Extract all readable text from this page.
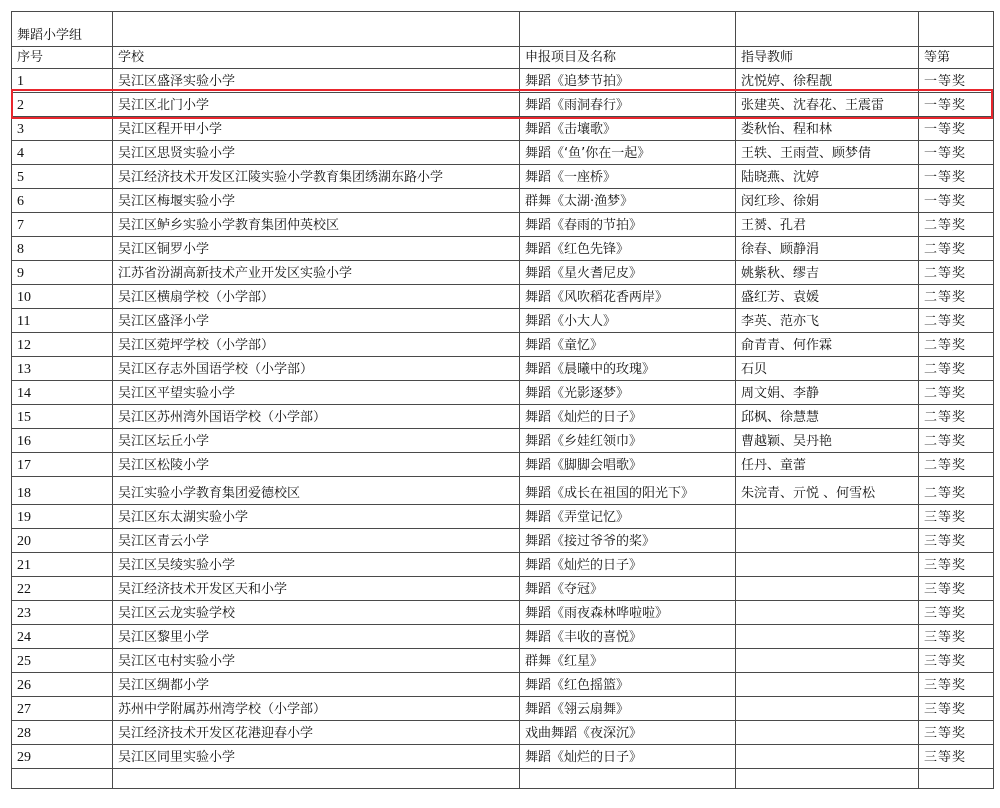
舞蹈小学组				
序号	学校	申报项目及名称	指导教师	等第
1	吴江区盛泽实验小学	舞蹈《追梦节拍》	沈悦婷、徐程靓	一等奖
2	吴江区北门小学	舞蹈《雨洞春行》	张建英、沈春花、王震雷	一等奖
3	吴江区程开甲小学	舞蹈《击壤歌》	娄秋怡、程和林	一等奖
4	吴江区思贤实验小学	舞蹈《‘鱼’你在一起》	王轶、王雨萱、顾梦倩	一等奖
5	吴江经济技术开发区江陵实验小学教育集团绣湖东路小学	舞蹈《一座桥》	陆晓燕、沈婷	一等奖
6	吴江区梅堰实验小学	群舞《太湖·渔梦》	闵红珍、徐娟	一等奖
7	吴江区鲈乡实验小学教育集团仲英校区	舞蹈《春雨的节拍》	王赟、孔君	二等奖
8	吴江区铜罗小学	舞蹈《红色先锋》	徐春、顾静涓	二等奖
9	江苏省汾湖高新技术产业开发区实验小学	舞蹈《星火耆尼皮》	姚紫秋、缪吉	二等奖
10	吴江区横扇学校（小学部）	舞蹈《风吹稻花香两岸》	盛红芳、袁媛	二等奖
11	吴江区盛泽小学	舞蹈《小大人》	李英、范亦飞	二等奖
12	吴江区菀坪学校（小学部）	舞蹈《童忆》	俞青青、何作霖	二等奖
13	吴江区存志外国语学校（小学部）	舞蹈《晨曦中的玫瑰》	石贝	二等奖
14	吴江区平望实验小学	舞蹈《光影逐梦》	周文娟、李静	二等奖
15	吴江区苏州湾外国语学校（小学部）	舞蹈《灿烂的日子》	邱枫、徐慧慧	二等奖
16	吴江区坛丘小学	舞蹈《乡娃红领巾》	曹越颖、吴丹艳	二等奖
17	吴江区松陵小学	舞蹈《脚脚会唱歌》	任丹、童蕾	二等奖
18	吴江实验小学教育集团爱德校区	舞蹈《成长在祖国的阳光下》	朱浣青、亓悦 、何雪松	二等奖
19	吴江区东太湖实验小学	舞蹈《弄堂记忆》		三等奖
20	吴江区青云小学	舞蹈《接过爷爷的桨》		三等奖
21	吴江区吴绫实验小学	舞蹈《灿烂的日子》		三等奖
22	吴江经济技术开发区天和小学	舞蹈《夺冠》		三等奖
23	吴江区云龙实验学校	舞蹈《雨夜森林哗啦啦》		三等奖
24	吴江区黎里小学	舞蹈《丰收的喜悦》		三等奖
25	吴江区屯村实验小学	群舞《红星》		三等奖
26	吴江区绸都小学	舞蹈《红色摇篮》		三等奖
27	苏州中学附属苏州湾学校（小学部）	舞蹈《翎云扇舞》		三等奖
28	吴江经济技术开发区花港迎春小学	戏曲舞蹈《夜深沉》		三等奖
29	吴江区同里实验小学	舞蹈《灿烂的日子》		三等奖
